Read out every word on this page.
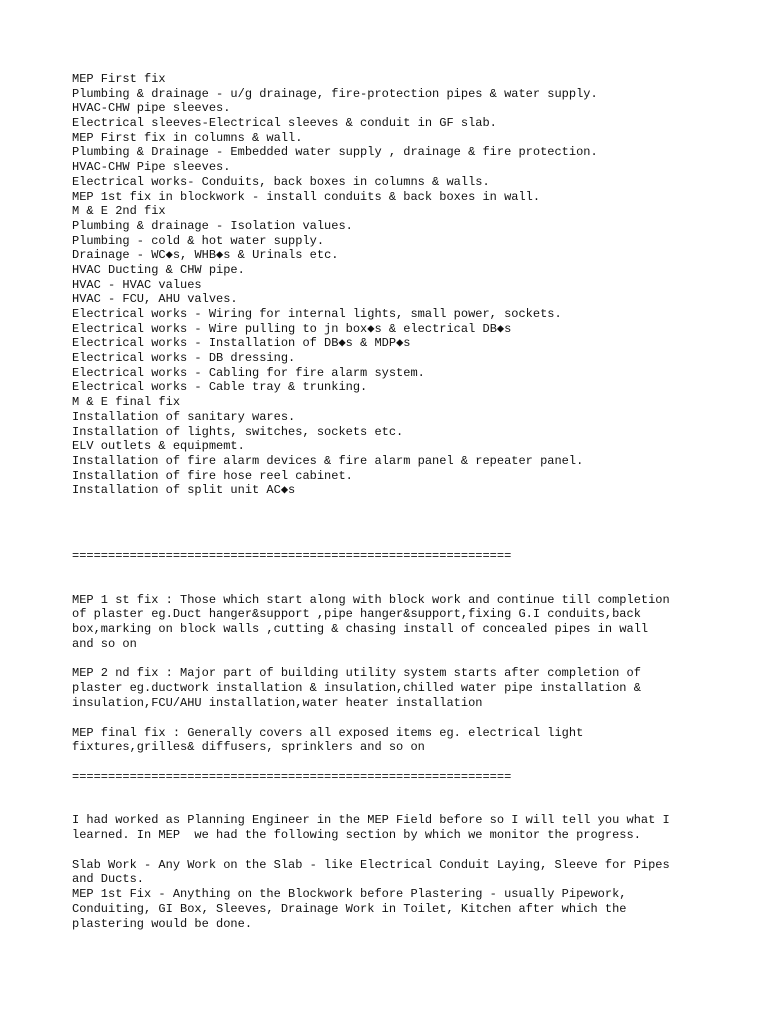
MEP First fix
Plumbing & drainage - u/g drainage, fire-protection pipes & water supply.
HVAC-CHW pipe sleeves.
Electrical sleeves-Electrical sleeves & conduit in GF slab.
MEP First fix in columns & wall.
Plumbing & Drainage - Embedded water supply , drainage & fire protection.
HVAC-CHW Pipe sleeves.
Electrical works- Conduits, back boxes in columns & walls.
MEP 1st fix in blockwork - install conduits & back boxes in wall.
M & E 2nd fix
Plumbing & drainage - Isolation values.
Plumbing - cold & hot water supply.
Drainage - WC◆s, WHB◆s & Urinals etc.
HVAC Ducting & CHW pipe.
HVAC - HVAC values
HVAC - FCU, AHU valves.
Electrical works - Wiring for internal lights, small power, sockets.
Electrical works - Wire pulling to jn box◆s & electrical DB◆s
Electrical works - Installation of DB◆s & MDP◆s
Electrical works - DB dressing.
Electrical works - Cabling for fire alarm system.
Electrical works - Cable tray & trunking.
M & E final fix
Installation of sanitary wares.
Installation of lights, switches, sockets etc.
ELV outlets & equipmemt.
Installation of fire alarm devices & fire alarm panel & repeater panel.
Installation of fire hose reel cabinet.
Installation of split unit AC◆s
=============================================================
MEP 1 st fix : Those which start along with block work and continue till completion
of plaster eg.Duct hanger&support ,pipe hanger&support,fixing G.I conduits,back
box,marking on block walls ,cutting & chasing install of concealed pipes in wall
and so on
MEP 2 nd fix : Major part of building utility system starts after completion of
plaster eg.ductwork installation & insulation,chilled water pipe installation &
insulation,FCU/AHU installation,water heater installation
MEP final fix : Generally covers all exposed items eg. electrical light
fixtures,grilles& diffusers, sprinklers and so on
=============================================================
I had worked as Planning Engineer in the MEP Field before so I will tell you what I
learned. In MEP  we had the following section by which we monitor the progress.
Slab Work - Any Work on the Slab - like Electrical Conduit Laying, Sleeve for Pipes
and Ducts.
MEP 1st Fix - Anything on the Blockwork before Plastering - usually Pipework,
Conduiting, GI Box, Sleeves, Drainage Work in Toilet, Kitchen after which the
plastering would be done.
